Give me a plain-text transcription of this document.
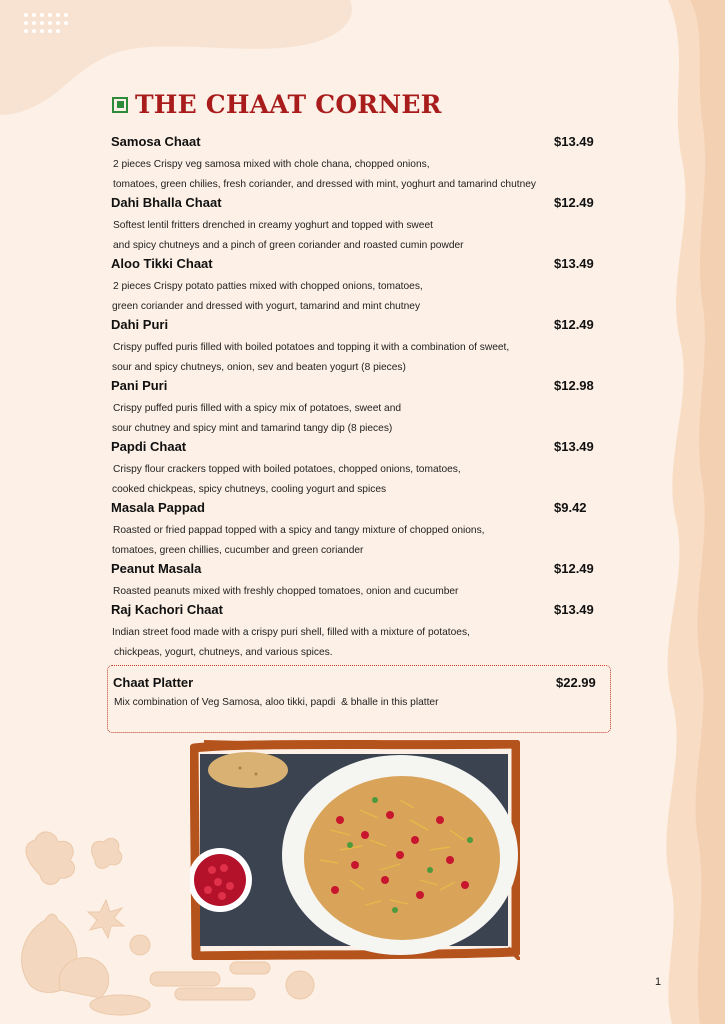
THE CHAAT CORNER
Samosa Chaat	$13.49
2 pieces Crispy veg samosa mixed with chole chana, chopped onions,
tomatoes, green chilies, fresh coriander, and dressed with mint, yoghurt and tamarind chutney
Dahi Bhalla Chaat	$12.49
Softest lentil fritters drenched in creamy yoghurt and topped with sweet
and spicy chutneys and a pinch of green coriander and roasted cumin powder
Aloo Tikki Chaat	$13.49
2 pieces Crispy potato patties mixed with chopped onions, tomatoes,
green coriander and dressed with yogurt, tamarind and mint chutney
Dahi Puri	$12.49
Crispy puffed puris filled with boiled potatoes and topping it with a combination of sweet,
sour and spicy chutneys, onion, sev and beaten yogurt (8 pieces)
Pani Puri	$12.98
Crispy puffed puris filled with a spicy mix of potatoes, sweet and
sour chutney and spicy mint and tamarind tangy dip (8 pieces)
Papdi Chaat	$13.49
Crispy flour crackers topped with boiled potatoes, chopped onions, tomatoes,
cooked chickpeas, spicy chutneys, cooling yogurt and spices
Masala Pappad	$9.42
Roasted or fried pappad topped with a spicy and tangy mixture of chopped onions,
tomatoes, green chillies, cucumber and green coriander
Peanut Masala	$12.49
Roasted peanuts mixed with freshly chopped tomatoes, onion and cucumber
Raj Kachori Chaat	$13.49
Indian street food made with a crispy puri shell, filled with a mixture of potatoes,
chickpeas, yogurt, chutneys, and various spices.
Chaat Platter	$22.99
Mix combination of Veg Samosa, aloo tikki, papdi  & bhalle in this platter
1
